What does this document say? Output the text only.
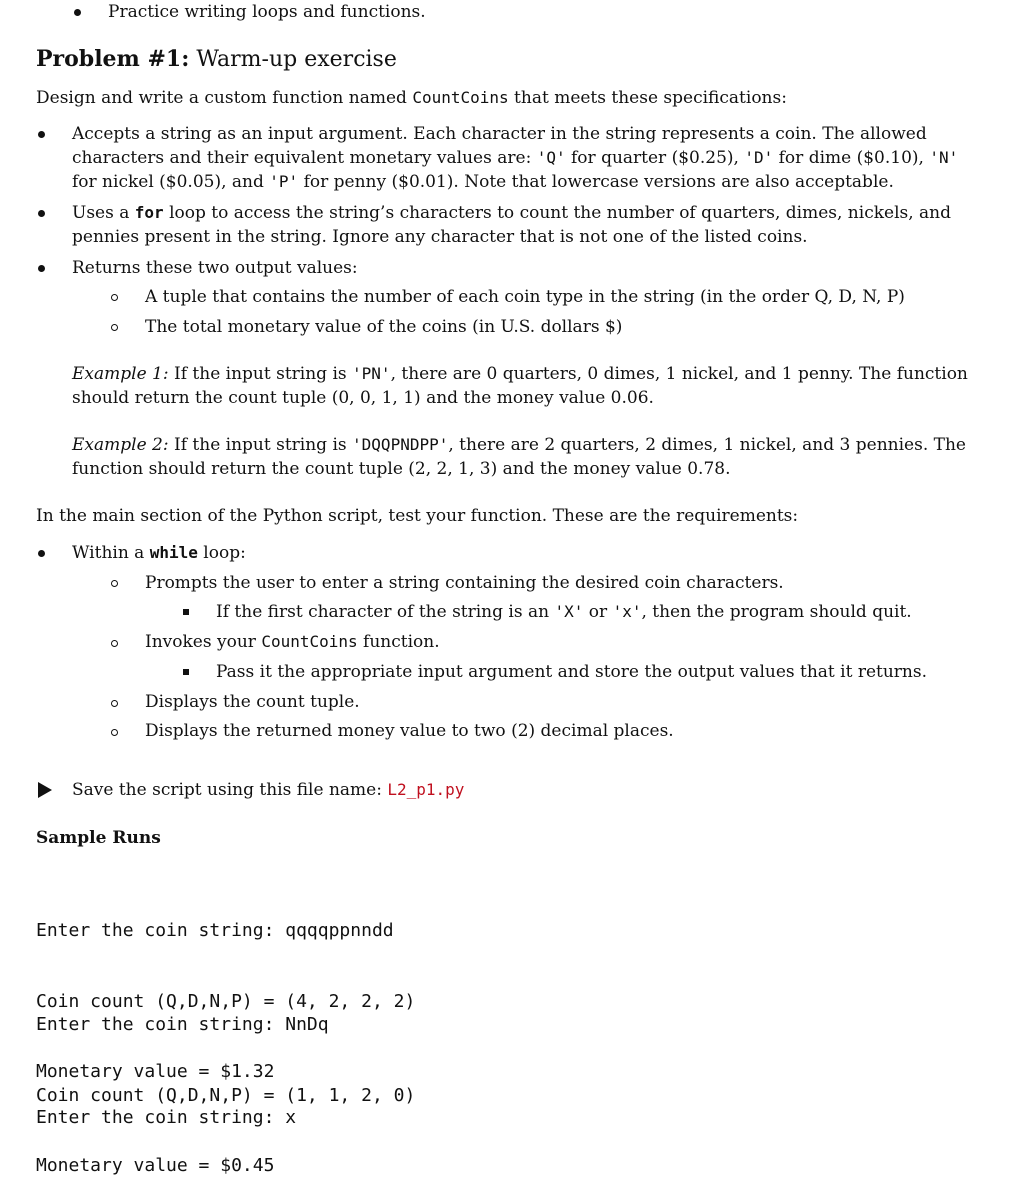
Practice writing loops and functions.
Problem #1: Warm-up exercise
Design and write a custom function named CountCoins that meets these specifications:
Accepts a string as an input argument. Each character in the string represents a coin. The allowed
characters and their equivalent monetary values are: 'Q' for quarter ($0.25), 'D' for dime ($0.10), 'N'
for nickel ($0.05), and 'P' for penny ($0.01). Note that lowercase versions are also acceptable.
Uses a for loop to access the string’s characters to count the number of quarters, dimes, nickels, and
pennies present in the string. Ignore any character that is not one of the listed coins.
Returns these two output values:
A tuple that contains the number of each coin type in the string (in the order Q, D, N, P)
The total monetary value of the coins (in U.S. dollars $)
Example 1: If the input string is 'PN', there are 0 quarters, 0 dimes, 1 nickel, and 1 penny. The function
should return the count tuple (0, 0, 1, 1) and the money value 0.06.
Example 2: If the input string is 'DQQPNDPP', there are 2 quarters, 2 dimes, 1 nickel, and 3 pennies. The
function should return the count tuple (2, 2, 1, 3) and the money value 0.78.
In the main section of the Python script, test your function. These are the requirements:
Within a while loop:
Prompts the user to enter a string containing the desired coin characters.
If the first character of the string is an 'X' or 'x', then the program should quit.
Invokes your CountCoins function.
Pass it the appropriate input argument and store the output values that it returns.
Displays the count tuple.
Displays the returned money value to two (2) decimal places.
Save the script using this file name: L2_p1.py
Sample Runs

Enter the coin string: qqqqppnndd

Coin count (Q,D,N,P) = (4, 2, 2, 2)

Monetary value = $1.32

Enter the coin string: NnDq

Coin count (Q,D,N,P) = (1, 1, 2, 0)

Monetary value = $0.45

Enter the coin string: x
